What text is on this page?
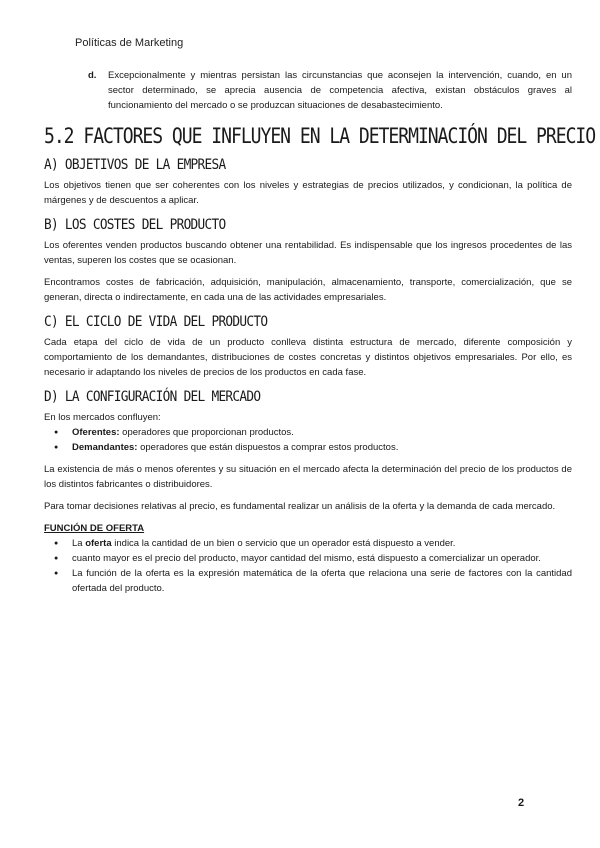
Políticas de Marketing
d.	Excepcionalmente y mientras persistan las circunstancias que aconsejen la intervención, cuando, en un sector determinado, se aprecia ausencia de competencia afectiva, existan obstáculos graves al funcionamiento del mercado o se produzcan situaciones de desabastecimiento.
5.2 FACTORES QUE INFLUYEN EN LA DETERMINACIÓN DEL PRECIO
A) OBJETIVOS DE LA EMPRESA

Los objetivos tienen que ser coherentes con los niveles y estrategias de precios utilizados, y condicionan, la política de márgenes y de descuentos a aplicar.

B) LOS COSTES DEL PRODUCTO

Los oferentes venden productos buscando obtener una rentabilidad. Es indispensable que los ingresos procedentes de las ventas, superen los costes que se ocasionan.

Encontramos costes de fabricación, adquisición, manipulación, almacenamiento, transporte, comercialización, que se generan, directa o indirectamente, en cada una de las actividades empresariales.

C) EL CICLO DE VIDA DEL PRODUCTO

Cada etapa del ciclo de vida de un producto conlleva distinta estructura de mercado, diferente composición y comportamiento de los demandantes, distribuciones de costes concretas y distintos objetivos empresariales. Por ello, es necesario ir adaptando los niveles de precios de los productos en cada fase.

D) LA CONFIGURACIÓN DEL MERCADO

En los mercados confluyen:

● Oferentes: operadores que proporcionan productos.
● Demandantes: operadores que están dispuestos a comprar estos productos.

La existencia de más o menos oferentes y su situación en el mercado afecta la determinación del precio de los productos de los distintos fabricantes o distribuidores.

Para tomar decisiones relativas al precio, es fundamental realizar un análisis de la oferta y la demanda de cada mercado.

FUNCIÓN DE OFERTA
● La oferta indica la cantidad de un bien o servicio que un operador está dispuesto a vender.
● cuanto mayor es el precio del producto, mayor cantidad del mismo, está dispuesto a comercializar un operador.
● La función de la oferta es la expresión matemática de la oferta que relaciona una serie de factores con la cantidad ofertada del producto.
2
